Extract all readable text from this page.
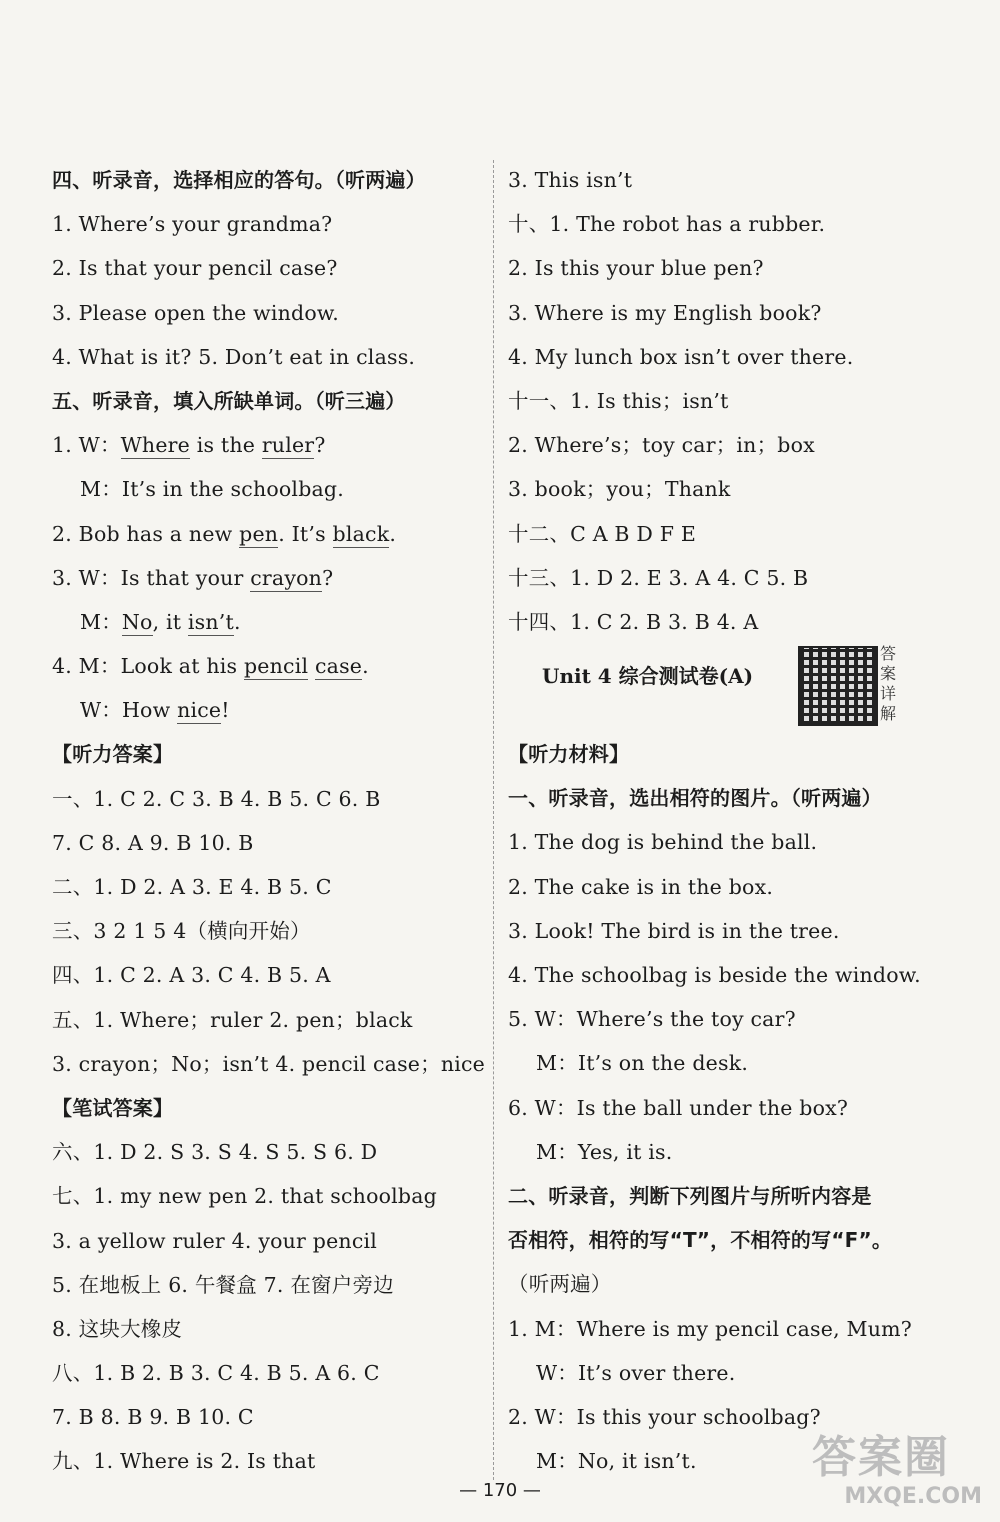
四、听录音，选择相应的答句。（听两遍）
1. Where’s your grandma?
2. Is that your pencil case?
3. Please open the window.
4. What is it? 5. Don’t eat in class.
五、听录音，填入所缺单词。（听三遍）
1. W：Where is the ruler?
M：It’s in the schoolbag.
2. Bob has a new pen. It’s black.
3. W：Is that your crayon?
M：No, it isn’t.
4. M：Look at his pencil case.
W：How nice!
【听力答案】
一、1. C 2. C 3. B 4. B 5. C 6. B
7. C 8. A 9. B 10. B
二、1. D 2. A 3. E 4. B 5. C
三、3 2 1 5 4（横向开始）
四、1. C 2. A 3. C 4. B 5. A
五、1. Where；ruler 2. pen；black
3. crayon；No；isn’t 4. pencil case；nice
【笔试答案】
六、1. D 2. S 3. S 4. S 5. S 6. D
七、1. my new pen 2. that schoolbag
3. a yellow ruler 4. your pencil
5. 在地板上 6. 午餐盒 7. 在窗户旁边
8. 这块大橡皮
八、1. B 2. B 3. C 4. B 5. A 6. C
7. B 8. B 9. B 10. C
九、1. Where is 2. Is that
3. This isn’t
十、1. The robot has a rubber.
2. Is this your blue pen?
3. Where is my English book?
4. My lunch box isn’t over there.
十一、1. Is this；isn’t
2. Where’s；toy car；in；box
3. book；you；Thank
十二、C A B D F E
十三、1. D 2. E 3. A 4. C 5. B
十四、1. C 2. B 3. B 4. A
Unit 4 综合测试卷(A)
答案详解
【听力材料】
一、听录音，选出相符的图片。（听两遍）
1. The dog is behind the ball.
2. The cake is in the box.
3. Look! The bird is in the tree.
4. The schoolbag is beside the window.
5. W：Where’s the toy car?
M：It’s on the desk.
6. W：Is the ball under the box?
M：Yes, it is.
二、听录音，判断下列图片与所听内容是
否相符，相符的写“T”，不相符的写“F”。
（听两遍）
1. M：Where is my pencil case, Mum?
W：It’s over there.
2. W：Is this your schoolbag?
M：No, it isn’t.
— 170 —
答案圈
MXQE.COM
